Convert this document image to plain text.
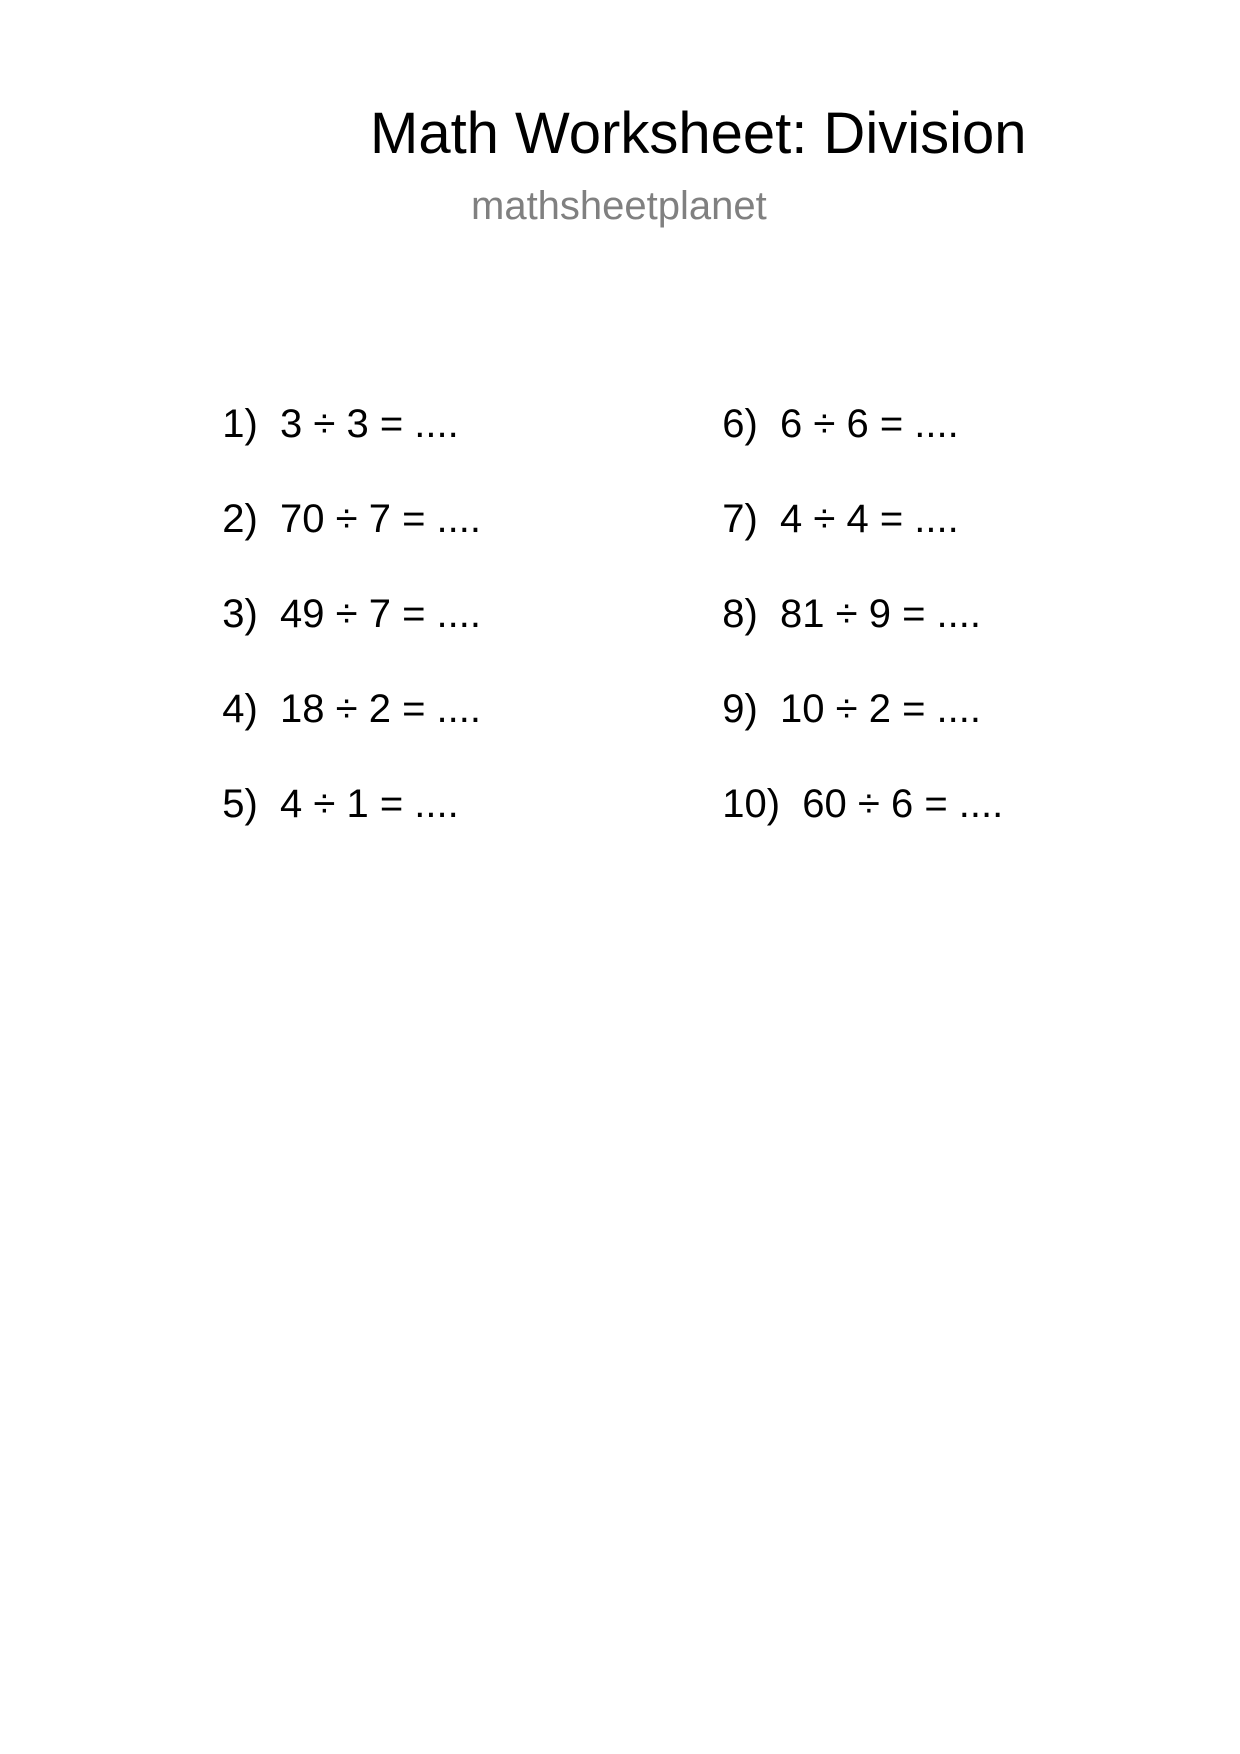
Math Worksheet: Division
mathsheetplanet

1) 3 ÷ 3 = ....

2) 70 ÷ 7 = ....

3) 49 ÷ 7 = ....

4) 18 ÷ 2 = ....

5) 4 ÷ 1 = ....

6) 6 ÷ 6 = ....

7) 4 ÷ 4 = ....

8) 81 ÷ 9 = ....

9) 10 ÷ 2 = ....

10) 60 ÷ 6 = ....
